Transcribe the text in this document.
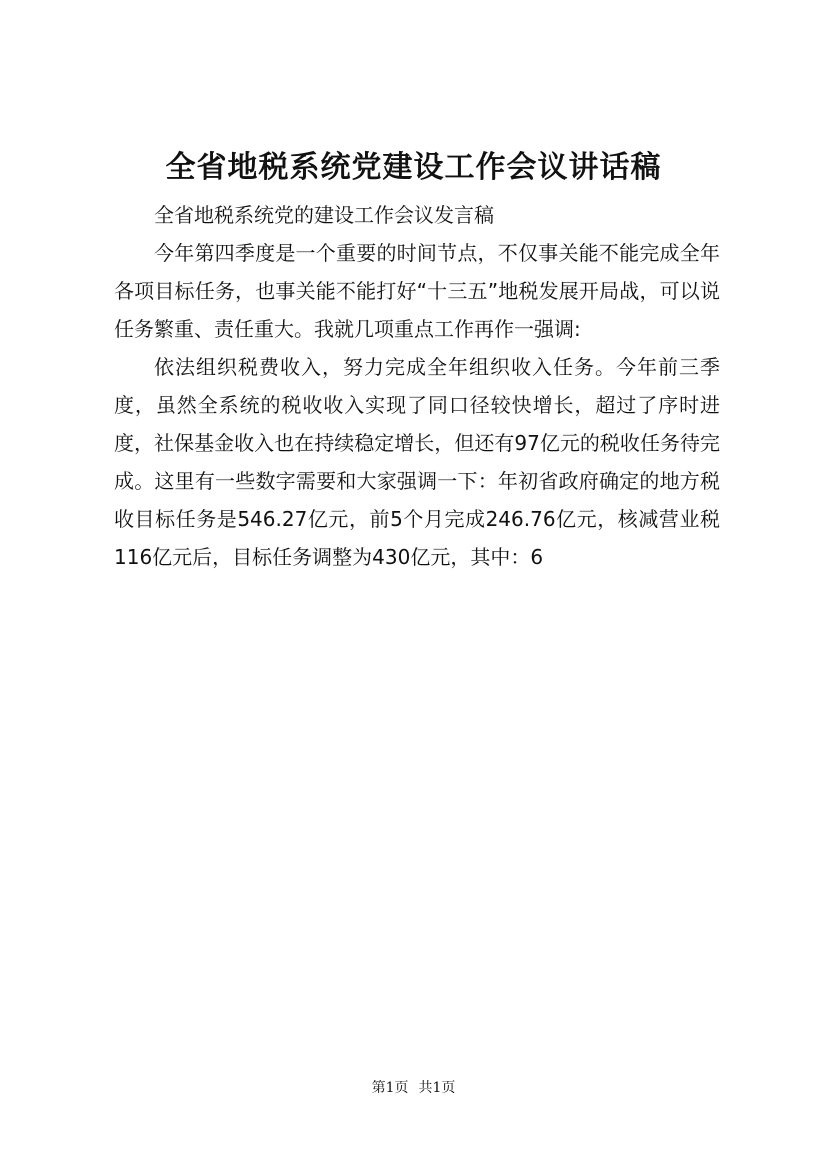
全省地税系统党建设工作会议讲话稿

全省地税系统党的建设工作会议发言稿

今年第四季度是一个重要的时间节点，不仅事关能不能完成全年各项目标任务，也事关能不能打好“十三五”地税发展开局战，可以说任务繁重、责任重大。我就几项重点工作再作一强调:

依法组织税费收入，努力完成全年组织收入任务。今年前三季度，虽然全系统的税收收入实现了同口径较快增长，超过了序时进度，社保基金收入也在持续稳定增长，但还有97亿元的税收任务待完成。这里有一些数字需要和大家强调一下：年初省政府确定的地方税收目标任务是546.27亿元，前5个月完成246.76亿元，核减营业税116亿元后，目标任务调整为430亿元，其中：6

第1页 共1页
